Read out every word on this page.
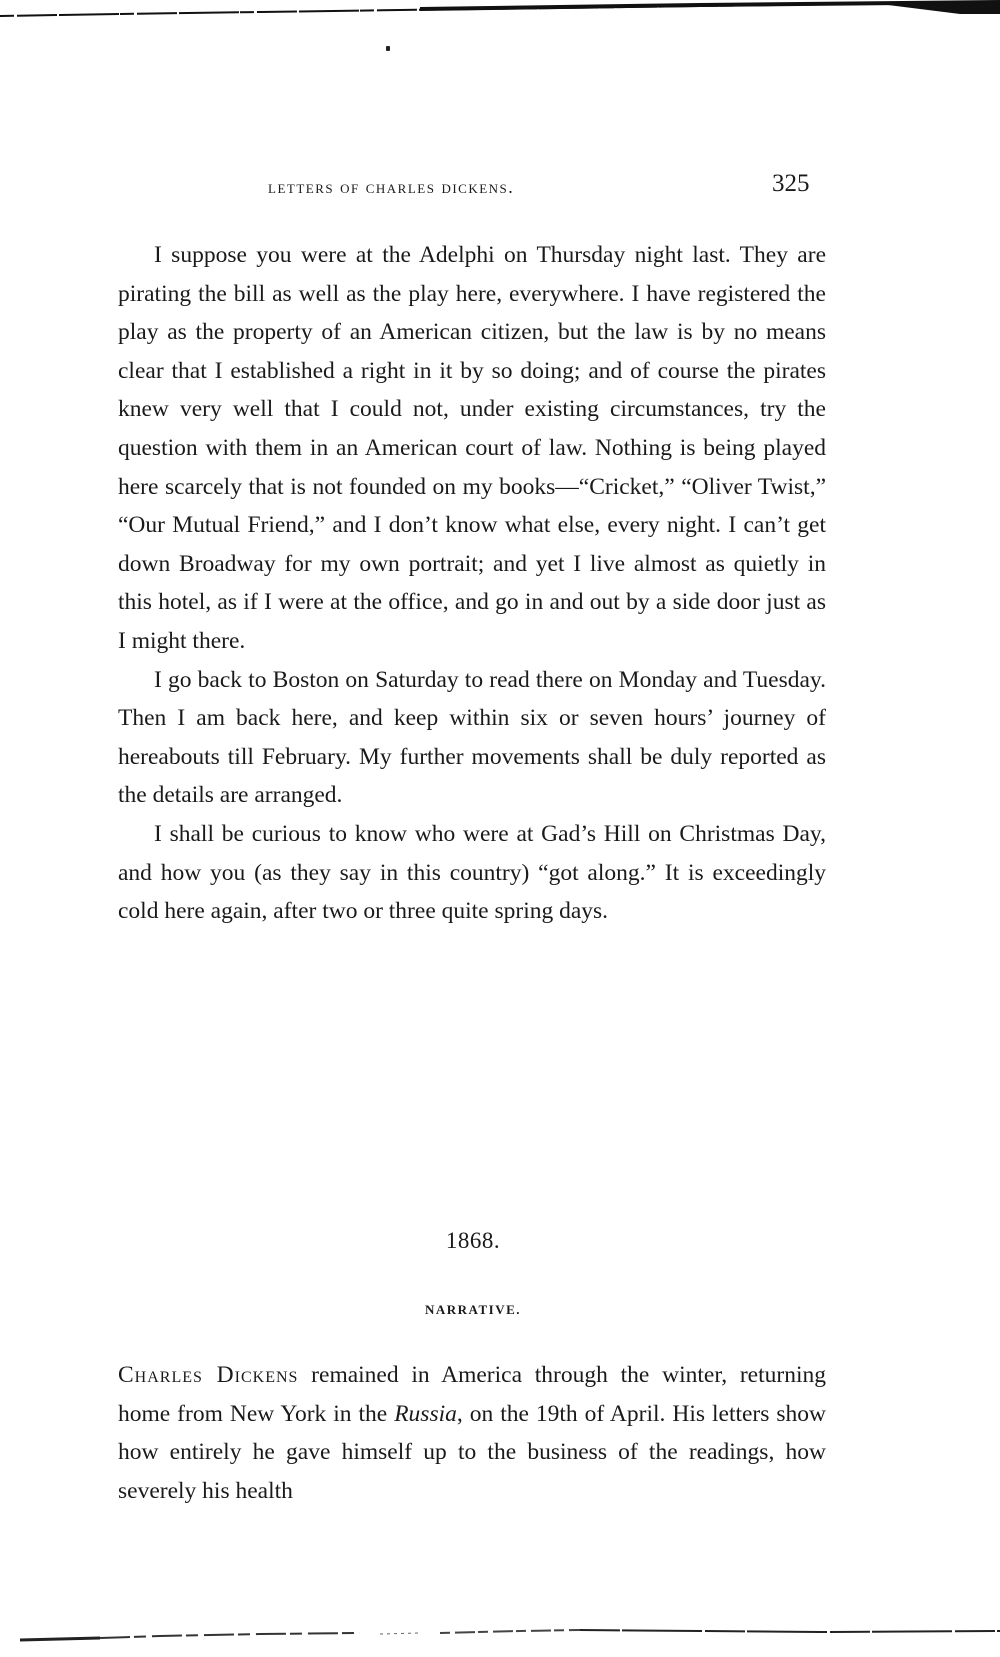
letters of charles dickens.	325

I suppose you were at the Adelphi on Thursday night last. They are pirating the bill as well as the play here, everywhere. I have registered the play as the property of an American citizen, but the law is by no means clear that I established a right in it by so doing; and of course the pirates knew very well that I could not, under existing circumstances, try the question with them in an American court of law. Nothing is being played here scarcely that is not founded on my books—“Cricket,” “Oliver Twist,” “Our Mutual Friend,” and I don’t know what else, every night. I can’t get down Broadway for my own portrait; and yet I live almost as quietly in this hotel, as if I were at the office, and go in and out by a side door just as I might there.

I go back to Boston on Saturday to read there on Monday and Tuesday. Then I am back here, and keep within six or seven hours’ journey of hereabouts till February. My further movements shall be duly reported as the details are arranged.

I shall be curious to know who were at Gad’s Hill on Christmas Day, and how you (as they say in this country) “got along.” It is exceedingly cold here again, after two or three quite spring days.

1868.
NARRATIVE.

Charles Dickens remained in America through the winter, returning home from New York in the Russia, on the 19th of April. His letters show how entirely he gave himself up to the business of the readings, how severely his health
